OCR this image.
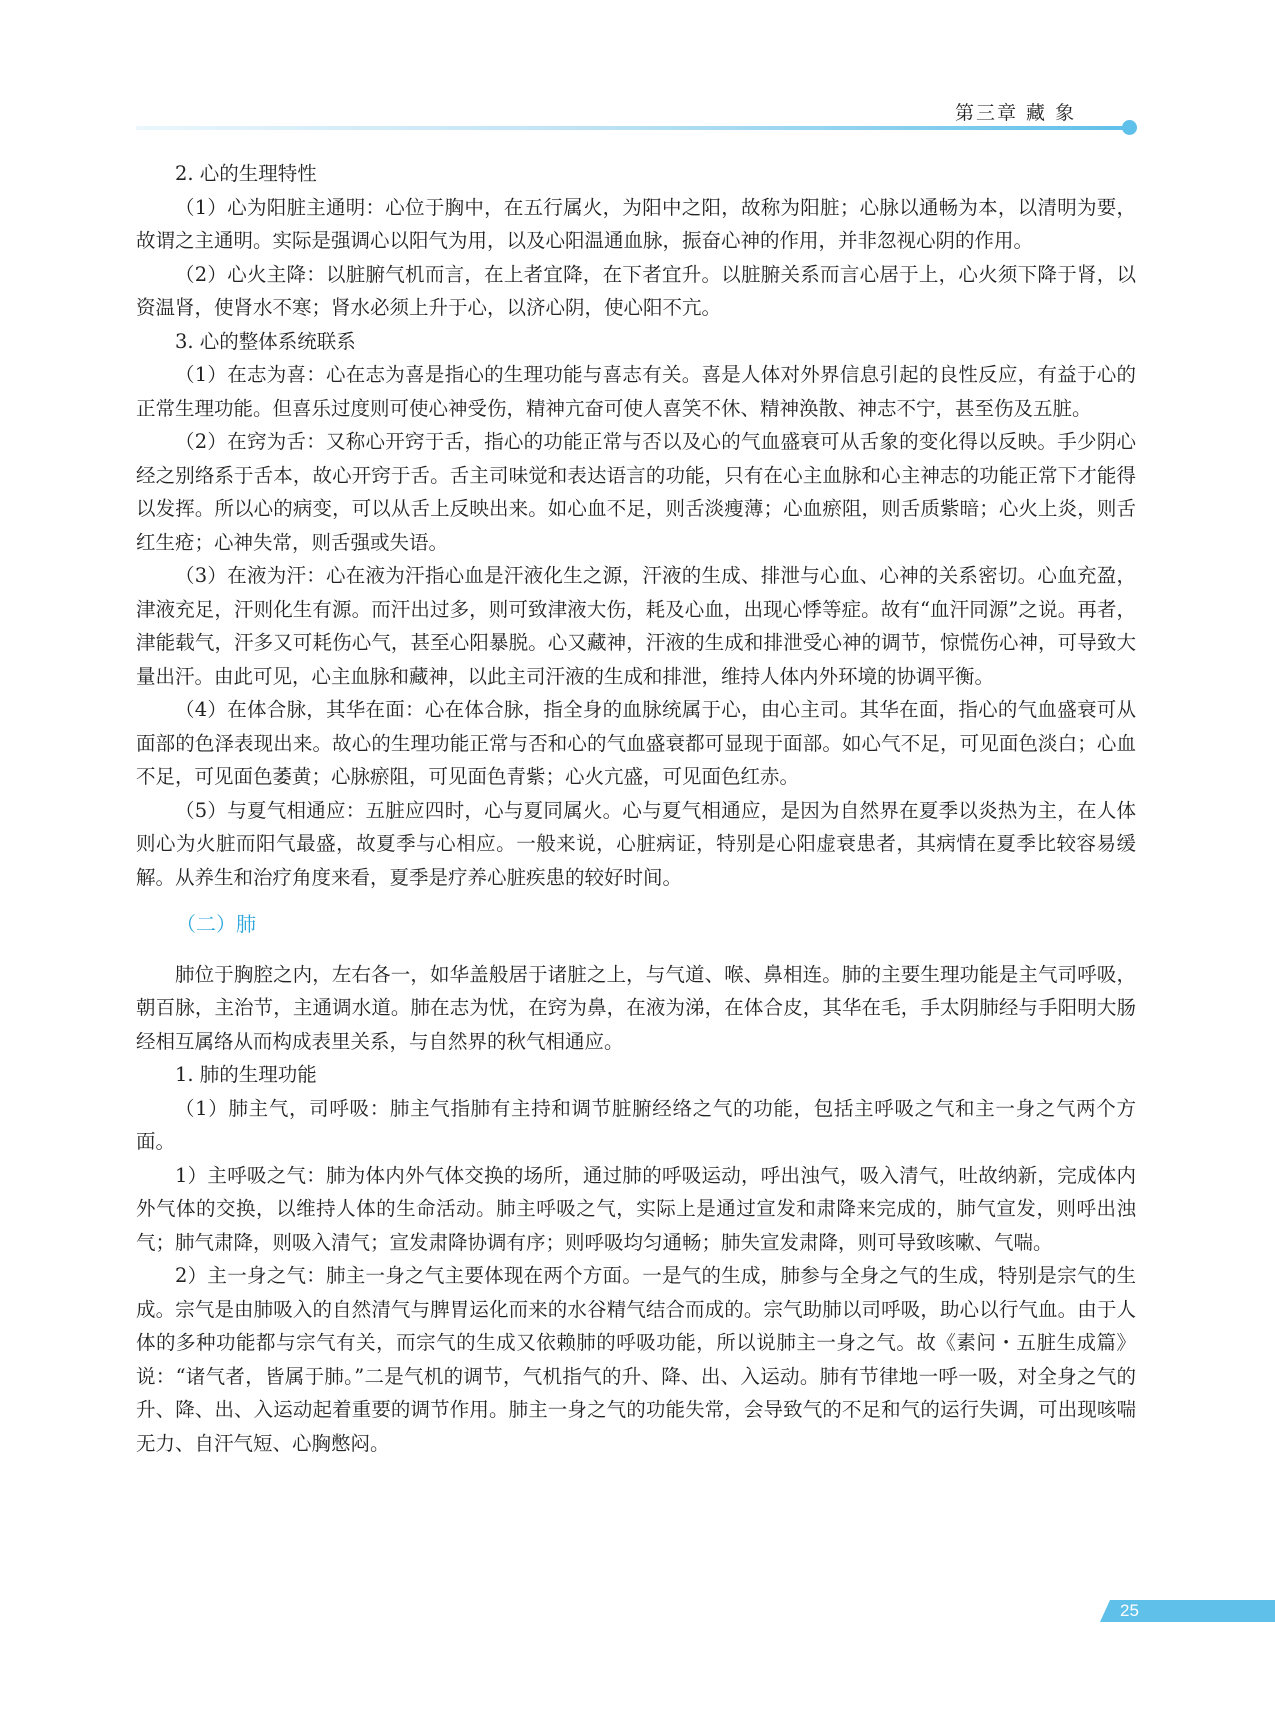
第三章 藏 象

2. 心的生理特性

（1）心为阳脏主通明：心位于胸中，在五行属火，为阳中之阳，故称为阳脏；心脉以通畅为本，以清明为要，故谓之主通明。实际是强调心以阳气为用，以及心阳温通血脉，振奋心神的作用，并非忽视心阴的作用。

（2）心火主降：以脏腑气机而言，在上者宜降，在下者宜升。以脏腑关系而言心居于上，心火须下降于肾，以资温肾，使肾水不寒；肾水必须上升于心，以济心阴，使心阳不亢。

3. 心的整体系统联系

（1）在志为喜：心在志为喜是指心的生理功能与喜志有关。喜是人体对外界信息引起的良性反应，有益于心的正常生理功能。但喜乐过度则可使心神受伤，精神亢奋可使人喜笑不休、精神涣散、神志不宁，甚至伤及五脏。

（2）在窍为舌：又称心开窍于舌，指心的功能正常与否以及心的气血盛衰可从舌象的变化得以反映。手少阴心经之别络系于舌本，故心开窍于舌。舌主司味觉和表达语言的功能，只有在心主血脉和心主神志的功能正常下才能得以发挥。所以心的病变，可以从舌上反映出来。如心血不足，则舌淡瘦薄；心血瘀阻，则舌质紫暗；心火上炎，则舌红生疮；心神失常，则舌强或失语。

（3）在液为汗：心在液为汗指心血是汗液化生之源，汗液的生成、排泄与心血、心神的关系密切。心血充盈，津液充足，汗则化生有源。而汗出过多，则可致津液大伤，耗及心血，出现心悸等症。故有“血汗同源”之说。再者，津能载气，汗多又可耗伤心气，甚至心阳暴脱。心又藏神，汗液的生成和排泄受心神的调节，惊慌伤心神，可导致大量出汗。由此可见，心主血脉和藏神，以此主司汗液的生成和排泄，维持人体内外环境的协调平衡。

（4）在体合脉，其华在面：心在体合脉，指全身的血脉统属于心，由心主司。其华在面，指心的气血盛衰可从面部的色泽表现出来。故心的生理功能正常与否和心的气血盛衰都可显现于面部。如心气不足，可见面色淡白；心血不足，可见面色萎黄；心脉瘀阻，可见面色青紫；心火亢盛，可见面色红赤。

（5）与夏气相通应：五脏应四时，心与夏同属火。心与夏气相通应，是因为自然界在夏季以炎热为主，在人体则心为火脏而阳气最盛，故夏季与心相应。一般来说，心脏病证，特别是心阳虚衰患者，其病情在夏季比较容易缓解。从养生和治疗角度来看，夏季是疗养心脏疾患的较好时间。

（二）肺

肺位于胸腔之内，左右各一，如华盖般居于诸脏之上，与气道、喉、鼻相连。肺的主要生理功能是主气司呼吸，朝百脉，主治节，主通调水道。肺在志为忧，在窍为鼻，在液为涕，在体合皮，其华在毛，手太阴肺经与手阳明大肠经相互属络从而构成表里关系，与自然界的秋气相通应。

1. 肺的生理功能

（1）肺主气，司呼吸：肺主气指肺有主持和调节脏腑经络之气的功能，包括主呼吸之气和主一身之气两个方面。

1）主呼吸之气：肺为体内外气体交换的场所，通过肺的呼吸运动，呼出浊气，吸入清气，吐故纳新，完成体内外气体的交换，以维持人体的生命活动。肺主呼吸之气，实际上是通过宣发和肃降来完成的，肺气宣发，则呼出浊气；肺气肃降，则吸入清气；宣发肃降协调有序；则呼吸均匀通畅；肺失宣发肃降，则可导致咳嗽、气喘。

2）主一身之气：肺主一身之气主要体现在两个方面。一是气的生成，肺参与全身之气的生成，特别是宗气的生成。宗气是由肺吸入的自然清气与脾胃运化而来的水谷精气结合而成的。宗气助肺以司呼吸，助心以行气血。由于人体的多种功能都与宗气有关，而宗气的生成又依赖肺的呼吸功能，所以说肺主一身之气。故《素问・五脏生成篇》说：“诸气者，皆属于肺。”二是气机的调节，气机指气的升、降、出、入运动。肺有节律地一呼一吸，对全身之气的升、降、出、入运动起着重要的调节作用。肺主一身之气的功能失常，会导致气的不足和气的运行失调，可出现咳喘无力、自汗气短、心胸憋闷。

25
